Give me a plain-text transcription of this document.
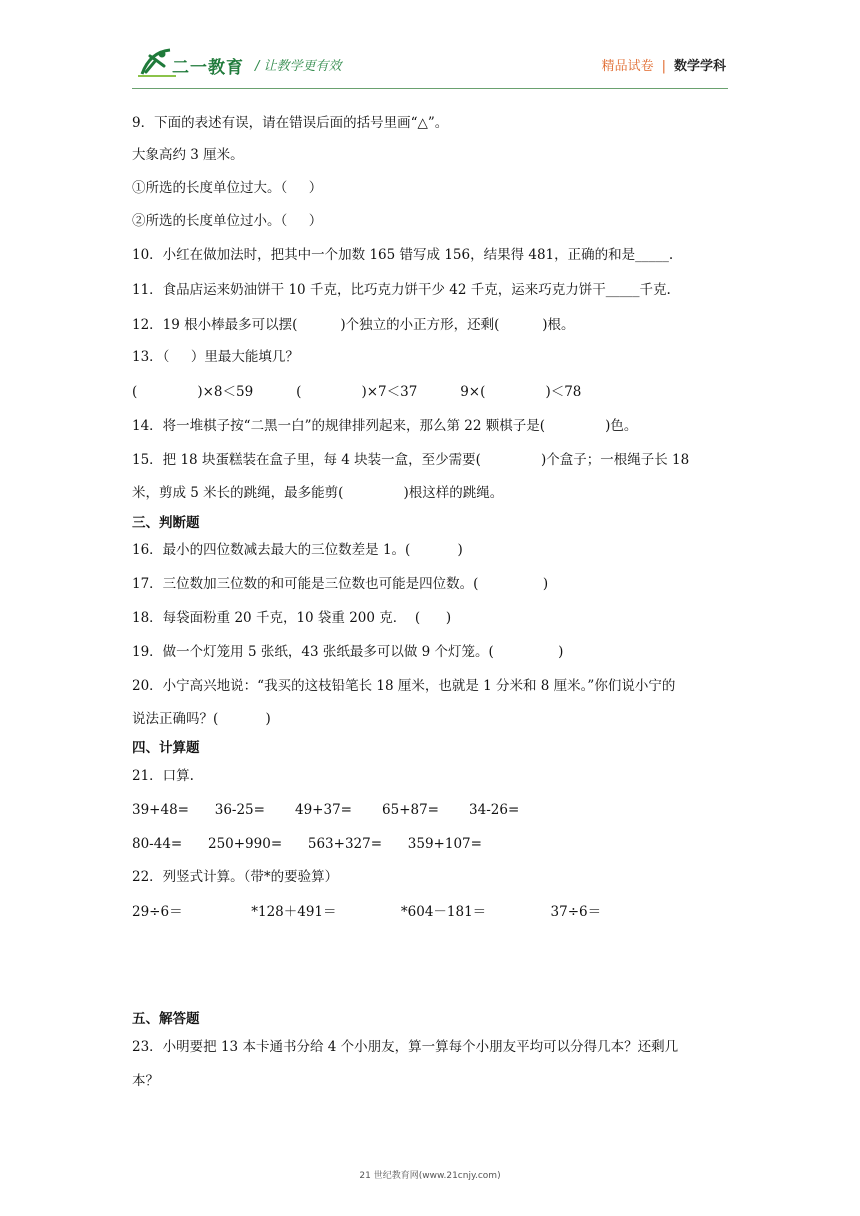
二一教育 / 让教学更有效	精品试卷 | 数学学科
9．下面的表述有误，请在错误后面的括号里画“△”。
大象高约 3 厘米。
①所选的长度单位过大。（     ）
②所选的长度单位过小。（     ）
10．小红在做加法时，把其中一个加数 165 错写成 156，结果得 481，正确的和是_____.
11．食品店运来奶油饼干 10 千克，比巧克力饼干少 42 千克，运来巧克力饼干_____千克.
12．19 根小棒最多可以摆(          )个独立的小正方形，还剩(          )根。
13．（     ）里最大能填几？
(              )×8＜59          (              )×7＜37          9×(              )＜78
14．将一堆棋子按“二黑一白”的规律排列起来，那么第 22 颗棋子是(              )色。
15．把 18 块蛋糕装在盒子里，每 4 块装一盒，至少需要(              )个盒子；一根绳子长 18
米，剪成 5 米长的跳绳，最多能剪(              )根这样的跳绳。
三、判断题
16．最小的四位数减去最大的三位数差是 1。(           )
17．三位数加三位数的和可能是三位数也可能是四位数。(               )
18．每袋面粉重 20 千克，10 袋重 200 克．  (      )
19．做一个灯笼用 5 张纸，43 张纸最多可以做 9 个灯笼。(               )
20．小宁高兴地说：“我买的这枝铅笔长 18 厘米，也就是 1 分米和 8 厘米。”你们说小宁的
说法正确吗？(           )
四、计算题
21．口算.
39+48=      36-25=       49+37=       65+87=       34-26=
80-44=      250+990=      563+327=      359+107=
22．列竖式计算。（带*的要验算）
29÷6＝                *128＋491＝               *604－181＝               37÷6＝
五、解答题
23．小明要把 13 本卡通书分给 4 个小朋友，算一算每个小朋友平均可以分得几本？还剩几
本？
21 世纪教育网(www.21cnjy.com)
